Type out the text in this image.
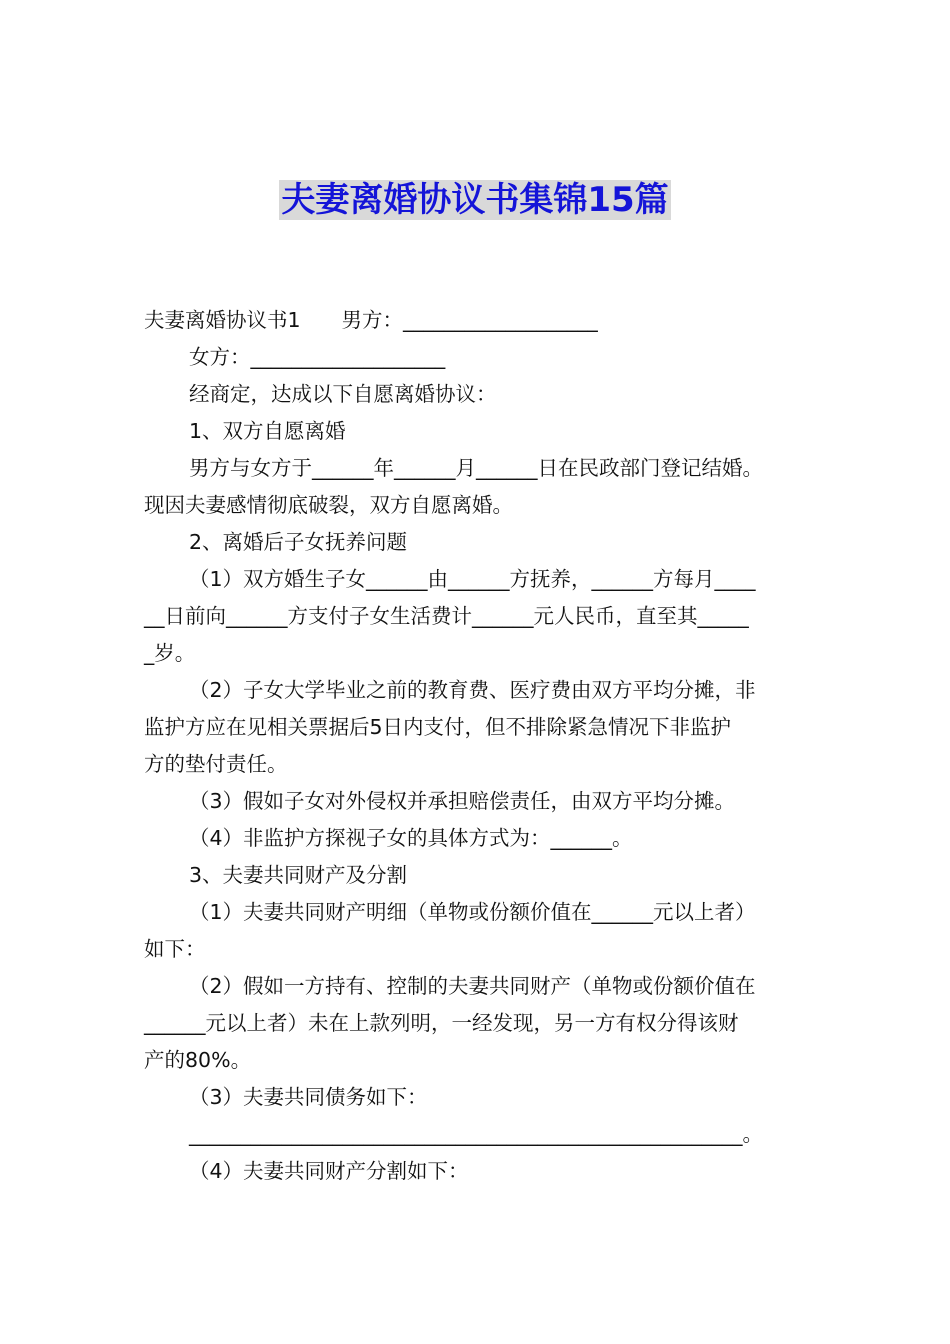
夫妻离婚协议书集锦15篇
夫妻离婚协议书1　　男方：___________________
女方：___________________
经商定，达成以下自愿离婚协议：
1、双方自愿离婚
男方与女方于______年______月______日在民政部门登记结婚。
现因夫妻感情彻底破裂，双方自愿离婚。
2、离婚后子女抚养问题
（1）双方婚生子女______由______方抚养，______方每月____
__日前向______方支付子女生活费计______元人民币，直至其_____
_岁。
（2）子女大学毕业之前的教育费、医疗费由双方平均分摊，非
监护方应在见相关票据后5日内支付，但不排除紧急情况下非监护
方的垫付责任。
（3）假如子女对外侵权并承担赔偿责任，由双方平均分摊。
（4）非监护方探视子女的具体方式为：______。
3、夫妻共同财产及分割
（1）夫妻共同财产明细（单物或份额价值在______元以上者）
如下：
（2）假如一方持有、控制的夫妻共同财产（单物或份额价值在
______元以上者）未在上款列明，一经发现，另一方有权分得该财
产的80%。
（3）夫妻共同债务如下：
______________________________________________________。
（4）夫妻共同财产分割如下：
